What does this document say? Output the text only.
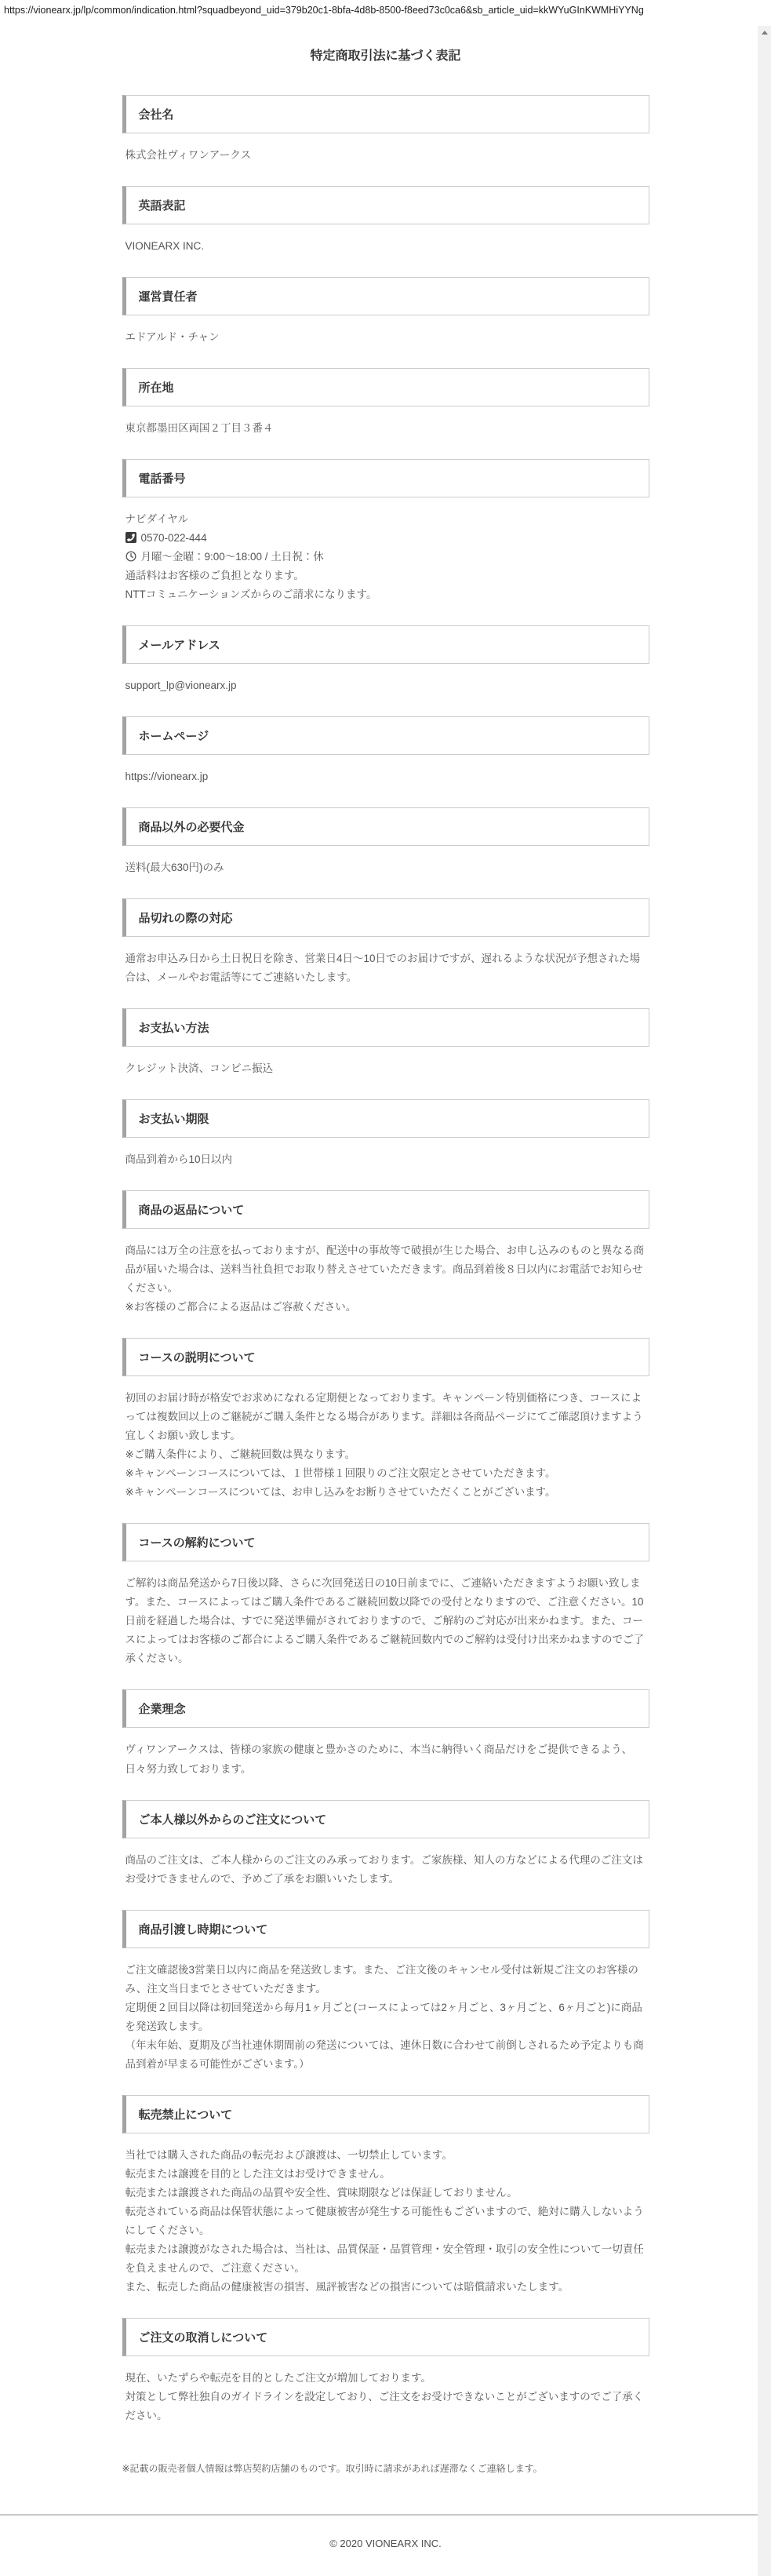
https://vionearx.jp/lp/common/indication.html?squadbeyond_uid=379b20c1-8bfa-4d8b-8500-f8eed73c0ca6&sb_article_uid=kkWYuGInKWMHiYYNg
特定商取引法に基づく表記
会社名
株式会社ヴィワンアークス
英語表記
VIONEARX INC.
運営責任者
エドアルド・チャン
所在地
東京都墨田区両国２丁目３番４
電話番号
ナビダイヤル
0570-022-444
月曜～金曜：9:00～18:00 / 土日祝：休
通話料はお客様のご負担となります。
NTTコミュニケーションズからのご請求になります。
メールアドレス
support_lp@vionearx.jp
ホームページ
https://vionearx.jp
商品以外の必要代金
送料(最大630円)のみ
品切れの際の対応
通常お申込み日から土日祝日を除き、営業日4日～10日でのお届けですが、遅れるような状況が予想された場合は、メールやお電話等にてご連絡いたします。
お支払い方法
クレジット決済、コンビニ振込
お支払い期限
商品到着から10日以内
商品の返品について
商品には万全の注意を払っておりますが、配送中の事故等で破損が生じた場合、お申し込みのものと異なる商品が届いた場合は、送料当社負担でお取り替えさせていただきます。商品到着後８日以内にお電話でお知らせください。
※お客様のご都合による返品はご容赦ください。
コースの説明について
初回のお届け時が格安でお求めになれる定期便となっております。キャンペーン特別価格につき、コースによっては複数回以上のご継続がご購入条件となる場合があります。詳細は各商品ページにてご確認頂けますよう宜しくお願い致します。
※ご購入条件により、ご継続回数は異なります。
※キャンペーンコースについては、１世帯様１回限りのご注文限定とさせていただきます。
※キャンペーンコースについては、お申し込みをお断りさせていただくことがございます。
コースの解約について
ご解約は商品発送から7日後以降、さらに次回発送日の10日前までに、ご連絡いただきますようお願い致します。また、コースによってはご購入条件であるご継続回数以降での受付となりますので、ご注意ください。10日前を経過した場合は、すでに発送準備がされておりますので、ご解約のご対応が出来かねます。また、コースによってはお客様のご都合によるご購入条件であるご継続回数内でのご解約は受付け出来かねますのでご了承ください。
企業理念
ヴィワンアークスは、皆様の家族の健康と豊かさのために、本当に納得いく商品だけをご提供できるよう、日々努力致しております。
ご本人様以外からのご注文について
商品のご注文は、ご本人様からのご注文のみ承っております。ご家族様、知人の方などによる代理のご注文はお受けできませんので、予めご了承をお願いいたします。
商品引渡し時期について
ご注文確認後3営業日以内に商品を発送致します。また、ご注文後のキャンセル受付は新規ご注文のお客様のみ、注文当日までとさせていただきます。
定期便２回目以降は初回発送から毎月1ヶ月ごと(コースによっては2ヶ月ごと、3ヶ月ごと、6ヶ月ごと)に商品を発送致します。
（年末年始、夏期及び当社連休期間前の発送については、連休日数に合わせて前倒しされるため予定よりも商品到着が早まる可能性がございます。）
転売禁止について
当社では購入された商品の転売および譲渡は、一切禁止しています。
転売または譲渡を目的とした注文はお受けできません。
転売または譲渡された商品の品質や安全性、賞味期限などは保証しておりません。
転売されている商品は保管状態によって健康被害が発生する可能性もございますので、絶対に購入しないようにしてください。
転売または譲渡がなされた場合は、当社は、品質保証・品質管理・安全管理・取引の安全性について一切責任を負えませんので、ご注意ください。
また、転売した商品の健康被害の損害、風評被害などの損害については賠償請求いたします。
ご注文の取消しについて
現在、いたずらや転売を目的としたご注文が増加しております。
対策として弊社独自のガイドラインを設定しており、ご注文をお受けできないことがございますのでご了承ください。
※記載の販売者個人情報は弊店契約店舗のものです。取引時に請求があれば遅滞なくご連絡します。
© 2020 VIONEARX INC.
